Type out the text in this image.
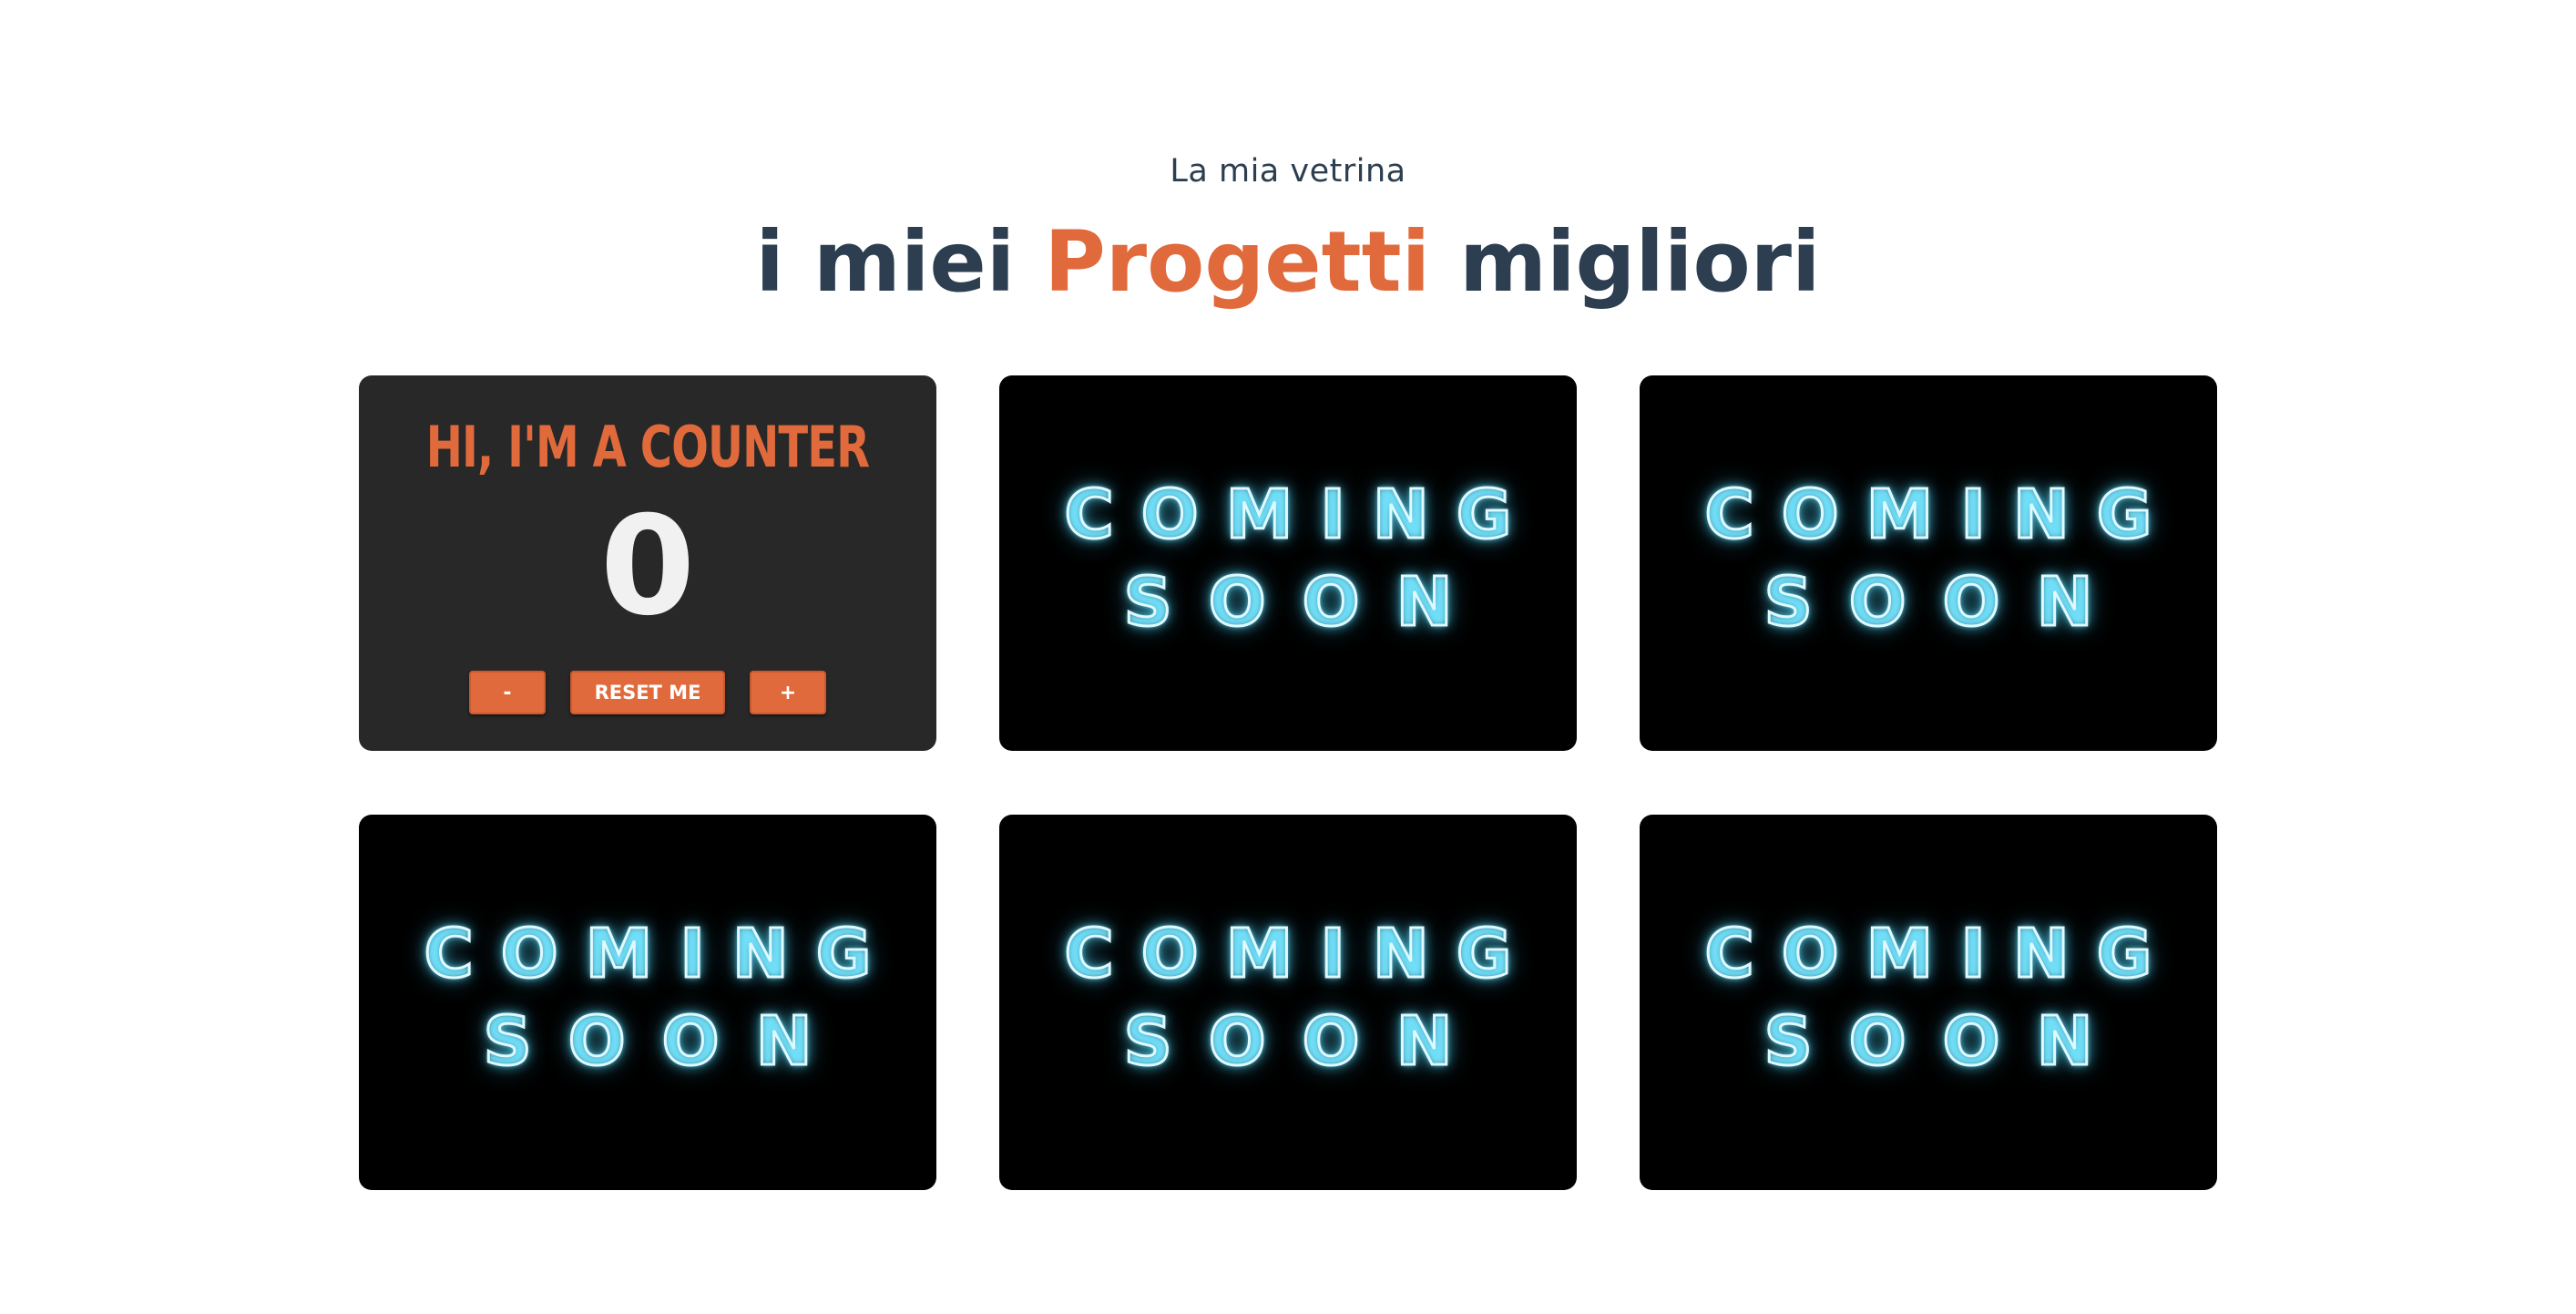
La mia vetrina
i miei Progetti migliori
HI, I'M A COUNTER
0
-	RESET ME	+
COMING
SOON
COMING
SOON
COMING
SOON
COMING
SOON
COMING
SOON
